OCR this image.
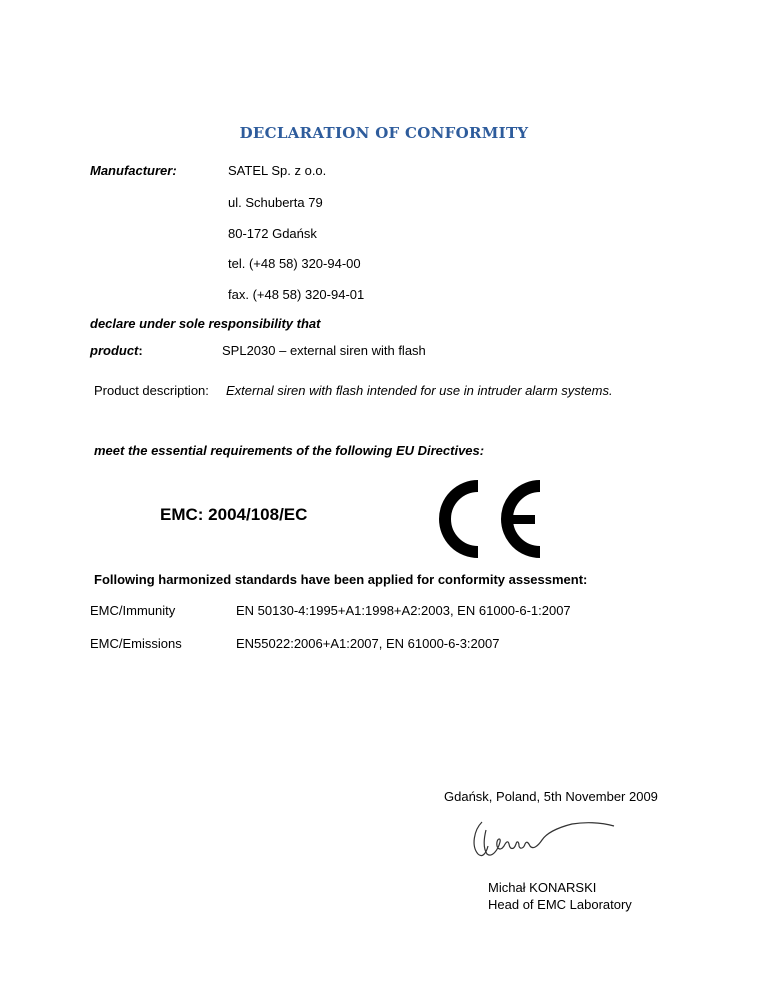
DECLARATION OF CONFORMITY
Manufacturer:	SATEL Sp. z o.o.
ul. Schuberta 79
80-172 Gdańsk
tel. (+48 58) 320-94-00
fax. (+48 58) 320-94-01
declare under sole responsibility that
product:	SPL2030 – external siren with flash
Product description: External siren with flash intended for use in intruder alarm systems.
meet the essential requirements of the following EU Directives:
EMC: 2004/108/EC
Following harmonized standards have been applied for conformity assessment:
EMC/Immunity	EN 50130-4:1995+A1:1998+A2:2003, EN 61000-6-1:2007
EMC/Emissions	EN55022:2006+A1:2007, EN 61000-6-3:2007
Gdańsk, Poland, 5th November 2009
Michał KONARSKI
Head of EMC Laboratory
